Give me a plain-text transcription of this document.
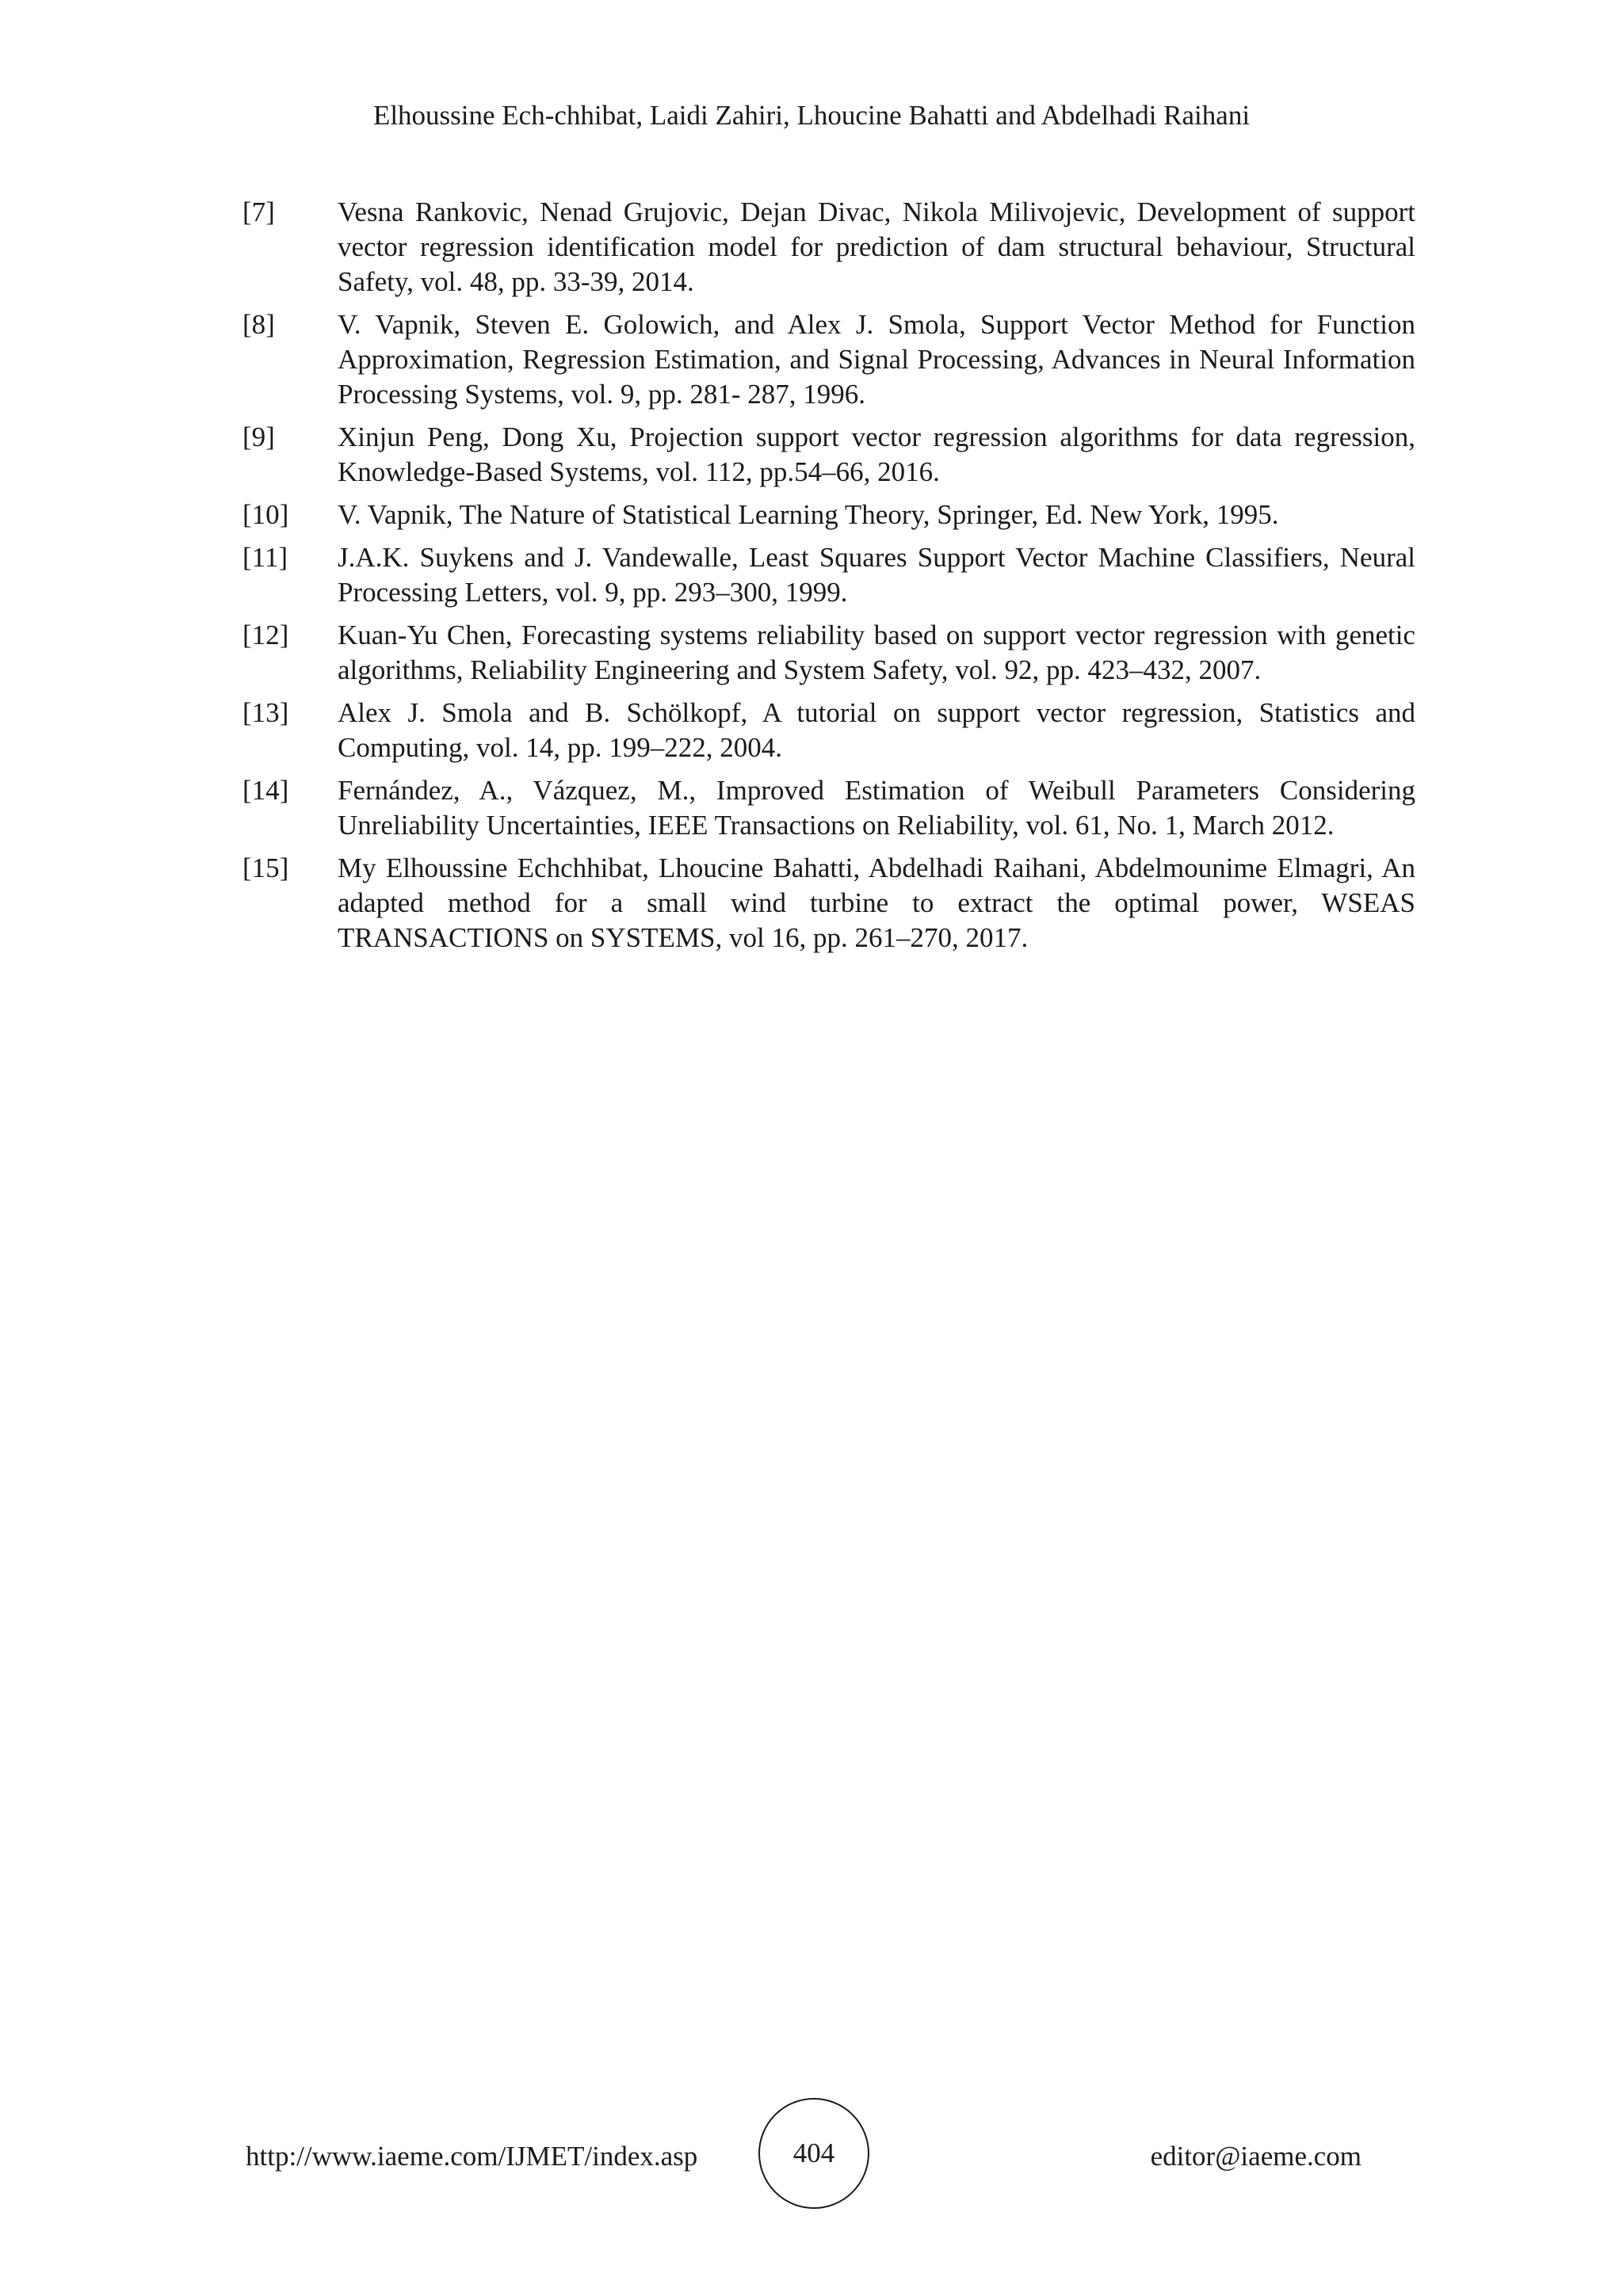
Elhoussine Ech-chhibat, Laidi Zahiri, Lhoucine Bahatti and Abdelhadi Raihani
[7] Vesna Rankovic, Nenad Grujovic, Dejan Divac, Nikola Milivojevic, Development of support vector regression identification model for prediction of dam structural behaviour, Structural Safety, vol. 48, pp. 33-39, 2014.
[8] V. Vapnik, Steven E. Golowich, and Alex J. Smola, Support Vector Method for Function Approximation, Regression Estimation, and Signal Processing, Advances in Neural Information Processing Systems, vol. 9, pp. 281- 287, 1996.
[9] Xinjun Peng, Dong Xu, Projection support vector regression algorithms for data regression, Knowledge-Based Systems, vol. 112, pp.54–66, 2016.
[10] V. Vapnik, The Nature of Statistical Learning Theory, Springer, Ed. New York, 1995.
[11] J.A.K. Suykens and J. Vandewalle, Least Squares Support Vector Machine Classifiers, Neural Processing Letters, vol. 9, pp. 293–300, 1999.
[12] Kuan-Yu Chen, Forecasting systems reliability based on support vector regression with genetic algorithms, Reliability Engineering and System Safety, vol. 92, pp. 423–432, 2007.
[13] Alex J. Smola and B. Schölkopf, A tutorial on support vector regression, Statistics and Computing, vol. 14, pp. 199–222, 2004.
[14] Fernández, A., Vázquez, M., Improved Estimation of Weibull Parameters Considering Unreliability Uncertainties, IEEE Transactions on Reliability, vol. 61, No. 1, March 2012.
[15] My Elhoussine Echchhibat, Lhoucine Bahatti, Abdelhadi Raihani, Abdelmounime Elmagri, An adapted method for a small wind turbine to extract the optimal power, WSEAS TRANSACTIONS on SYSTEMS, vol 16, pp. 261–270, 2017.
http://www.iaeme.com/IJMET/index.asp	404	editor@iaeme.com
